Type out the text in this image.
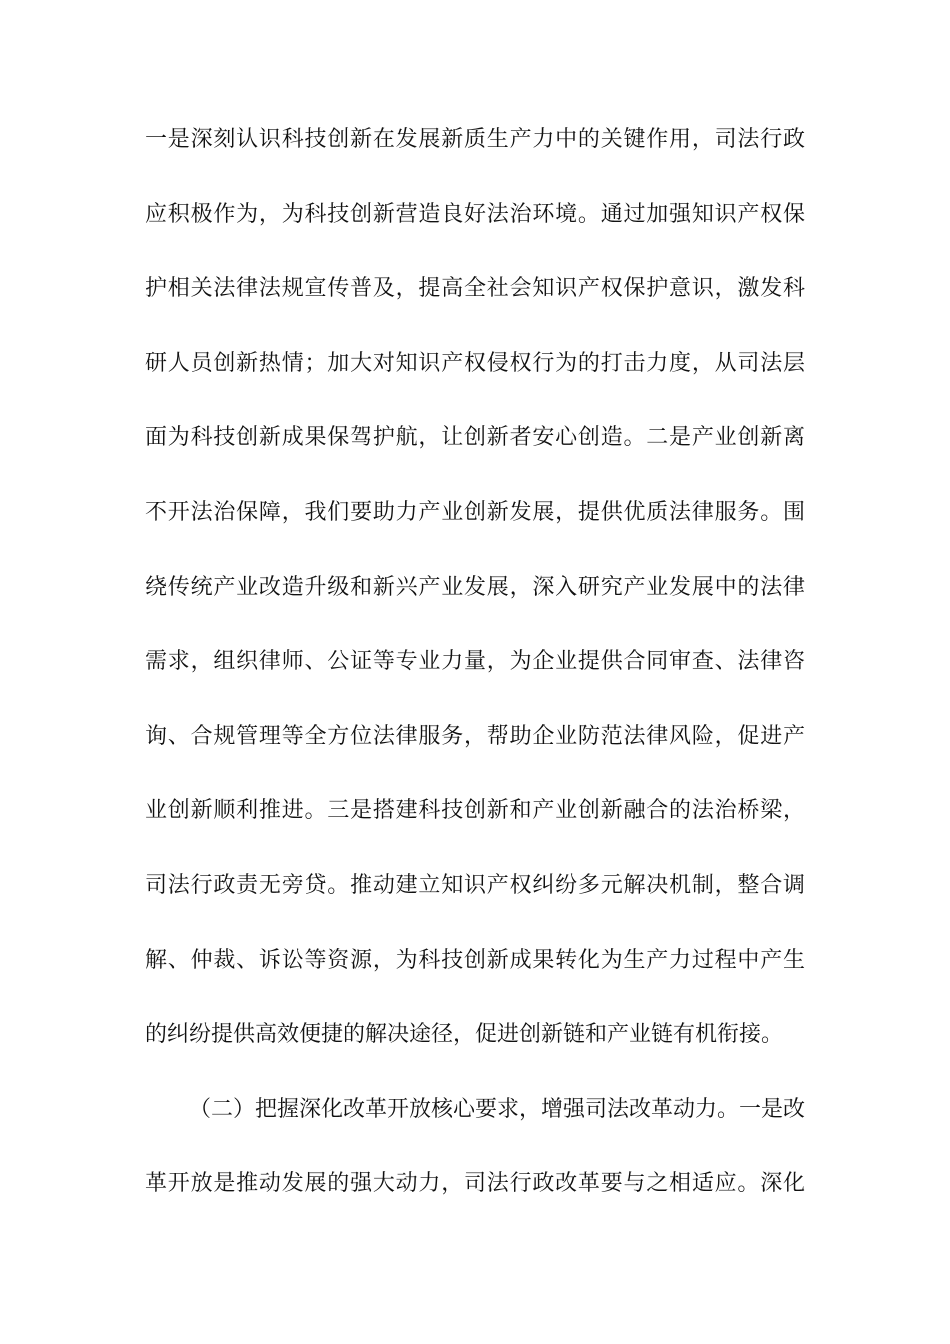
一是深刻认识科技创新在发展新质生产力中的关键作用，司法行政
应积极作为，为科技创新营造良好法治环境。通过加强知识产权保
护相关法律法规宣传普及，提高全社会知识产权保护意识，激发科
研人员创新热情；加大对知识产权侵权行为的打击力度，从司法层
面为科技创新成果保驾护航，让创新者安心创造。二是产业创新离
不开法治保障，我们要助力产业创新发展，提供优质法律服务。围
绕传统产业改造升级和新兴产业发展，深入研究产业发展中的法律
需求，组织律师、公证等专业力量，为企业提供合同审查、法律咨
询、合规管理等全方位法律服务，帮助企业防范法律风险，促进产
业创新顺利推进。三是搭建科技创新和产业创新融合的法治桥梁，
司法行政责无旁贷。推动建立知识产权纠纷多元解决机制，整合调
解、仲裁、诉讼等资源，为科技创新成果转化为生产力过程中产生
的纠纷提供高效便捷的解决途径，促进创新链和产业链有机衔接。
（二）把握深化改革开放核心要求，增强司法改革动力。一是改
革开放是推动发展的强大动力，司法行政改革要与之相适应。深化
